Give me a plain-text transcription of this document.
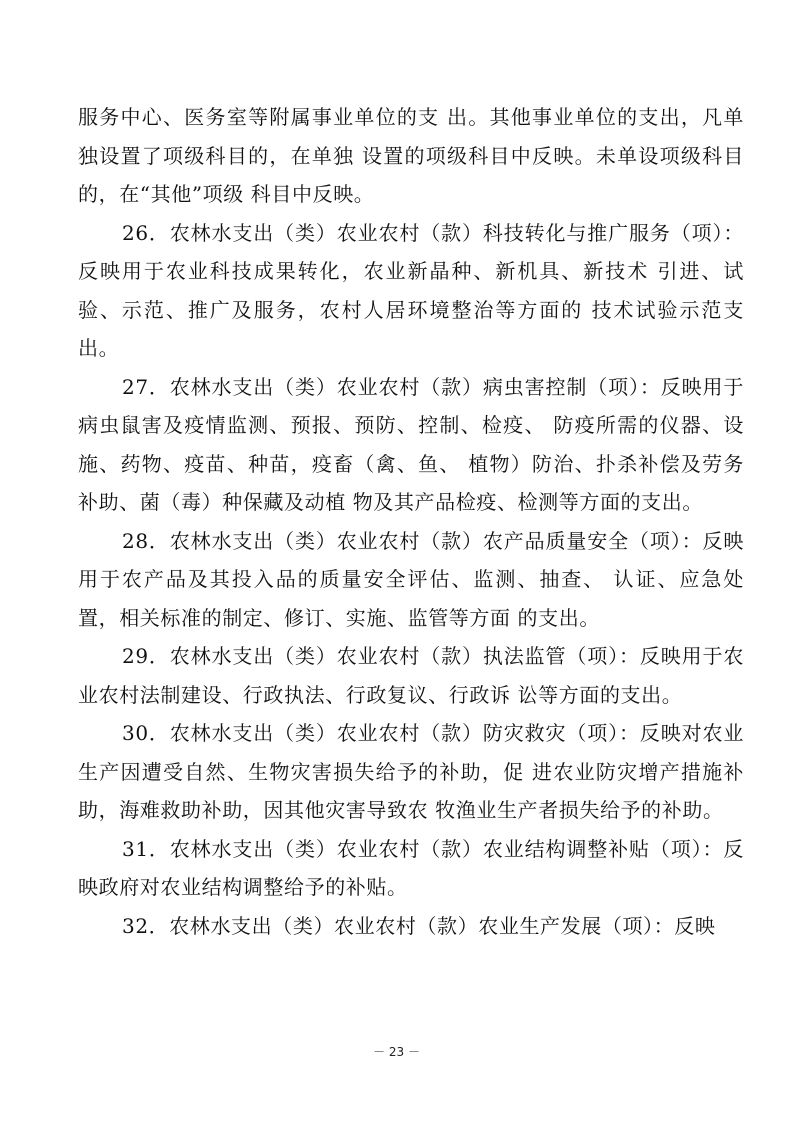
服务中心、医务室等附属事业单位的支 出。其他事业单位的支出，凡单独设置了项级科目的，在单独 设置的项级科目中反映。未单设项级科目的，在“其他”项级 科目中反映。

26．农林水支出（类）农业农村（款）科技转化与推广服务（项）：反映用于农业科技成果转化，农业新晶种、新机具、新技术 引进、试验、示范、推广及服务，农村人居环境整治等方面的 技术试验示范支出。

27．农林水支出（类）农业农村（款）病虫害控制（项）：反映用于病虫鼠害及疫情监测、预报、预防、控制、检疫、 防疫所需的仪器、设施、药物、疫苗、种苗，疫畜（禽、鱼、 植物）防治、扑杀补偿及劳务补助、菌（毒）种保藏及动植 物及其产品检疫、检测等方面的支出。

28．农林水支出（类）农业农村（款）农产品质量安全（项）：反映用于农产品及其投入品的质量安全评估、监测、抽查、 认证、应急处置，相关标准的制定、修订、实施、监管等方面 的支出。

29．农林水支出（类）农业农村（款）执法监管（项）：反映用于农业农村法制建设、行政执法、行政复议、行政诉 讼等方面的支出。

30．农林水支出（类）农业农村（款）防灾救灾（项）：反映对农业生产因遭受自然、生物灾害损失给予的补助，促 进农业防灾增产措施补助，海难救助补助，因其他灾害导致农 牧渔业生产者损失给予的补助。

31．农林水支出（类）农业农村（款）农业结构调整补贴（项）：反映政府对农业结构调整给予的补贴。

32．农林水支出（类）农业农村（款）农业生产发展（项）：反映

－ 23 －
